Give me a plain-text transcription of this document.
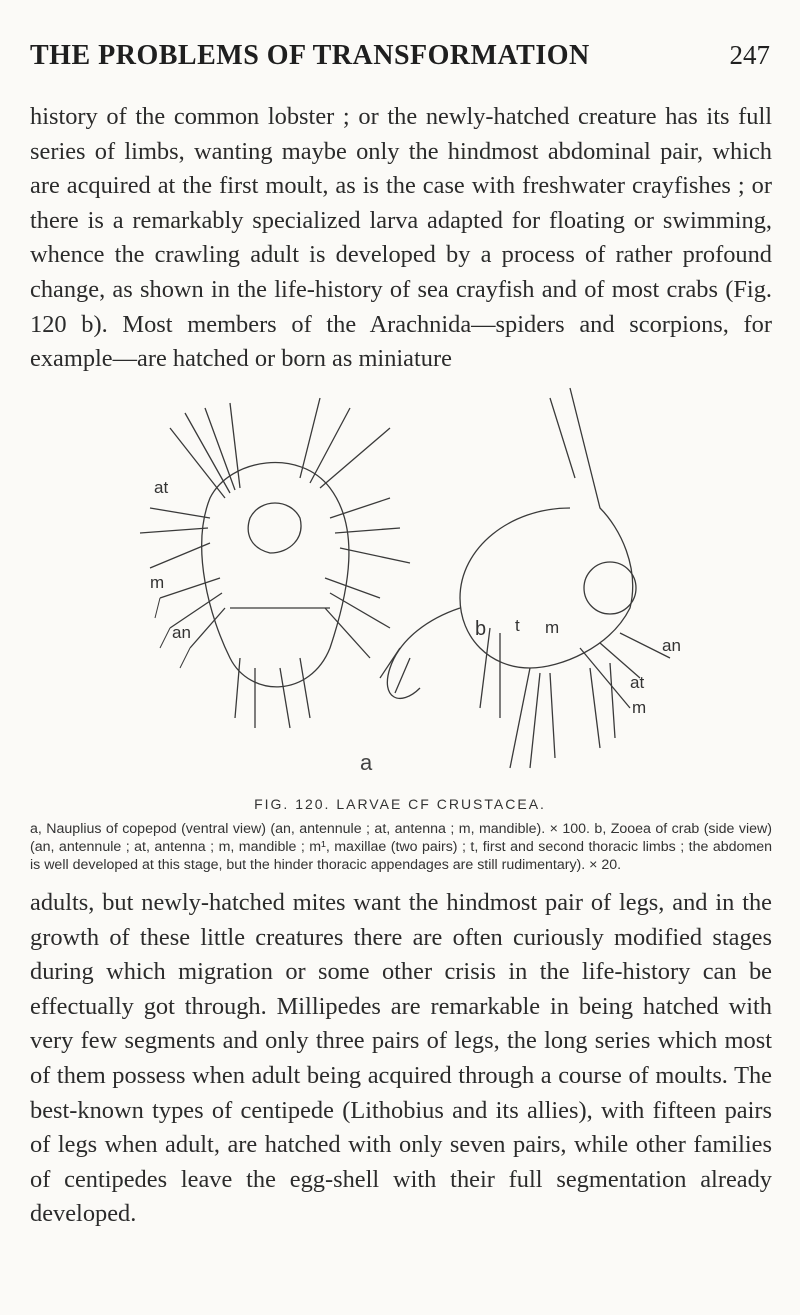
THE PROBLEMS OF TRANSFORMATION	247

history of the common lobster ; or the newly-hatched creature has its full series of limbs, wanting maybe only the hindmost abdominal pair, which are acquired at the first moult, as is the case with freshwater crayfishes ; or there is a remarkably specialized larva adapted for floating or swimming, whence the crawling adult is developed by a process of rather profound change, as shown in the life-history of sea crayfish and of most crabs (Fig. 120 b). Most members of the Arachnida—spiders and scorpions, for example—are hatched or born as miniature

an
at
m
b t m
an
at
m
a
FIG. 120. LARVAE CF CRUSTACEA.

a, Nauplius of copepod (ventral view) (an, antennule ; at, antenna ; m, mandible). × 100. b, Zooea of crab (side view) (an, antennule ; at, antenna ; m, mandible ; m¹, maxillae (two pairs) ; t, first and second thoracic limbs ; the abdomen is well developed at this stage, but the hinder thoracic appendages are still rudimentary). × 20.

adults, but newly-hatched mites want the hindmost pair of legs, and in the growth of these little creatures there are often curiously modified stages during which migration or some other crisis in the life-history can be effectually got through. Millipedes are remarkable in being hatched with very few segments and only three pairs of legs, the long series which most of them possess when adult being acquired through a course of moults. The best-known types of centipede (Lithobius and its allies), with fifteen pairs of legs when adult, are hatched with only seven pairs, while other families of centipedes leave the egg-shell with their full segmentation already developed.
